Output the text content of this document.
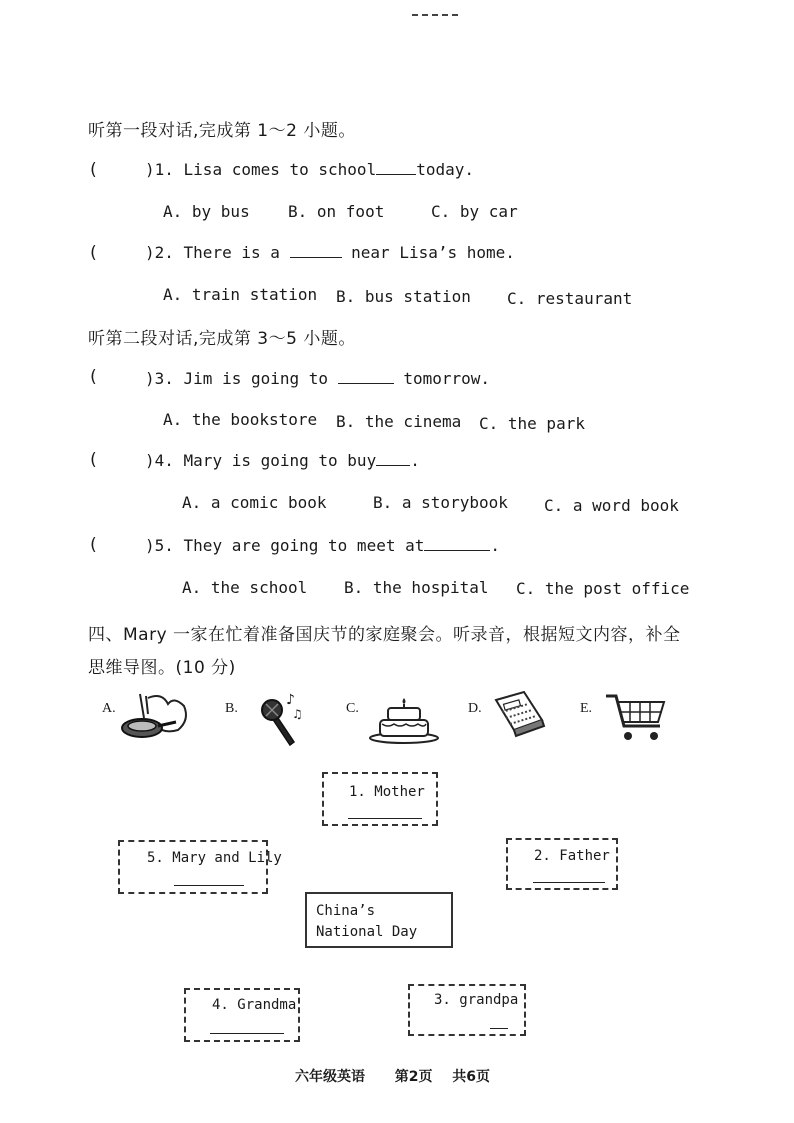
听第一段对话,完成第 1～2 小题。
(	)1. Lisa comes to school	today.
A. by bus B. on foot	C. by car
(	)2. There is a	near Lisa’s home.
A. train station B. bus station C. restaurant
听第二段对话,完成第 3～5 小题。
(	)3. Jim is going to	tomorrow.
A. the bookstore B. the cinema C. the park
(	)4. Mary is going to buy .
A. a comic book	B. a storybook C. a word book
(	)5. They are going to meet at	.
A. the school B. the hospital C. the post office
四、Mary 一家在忙着准备国庆节的家庭聚会。听录音，根据短文内容，补全
思维导图。(10 分)
A.	B.
♪
♫	C.	D.	E.
1. Mother
5. Mary and Lily	2. Father
China’s
National Day
4. Grandma	3. grandpa
六年级英语 第2页 共6页
